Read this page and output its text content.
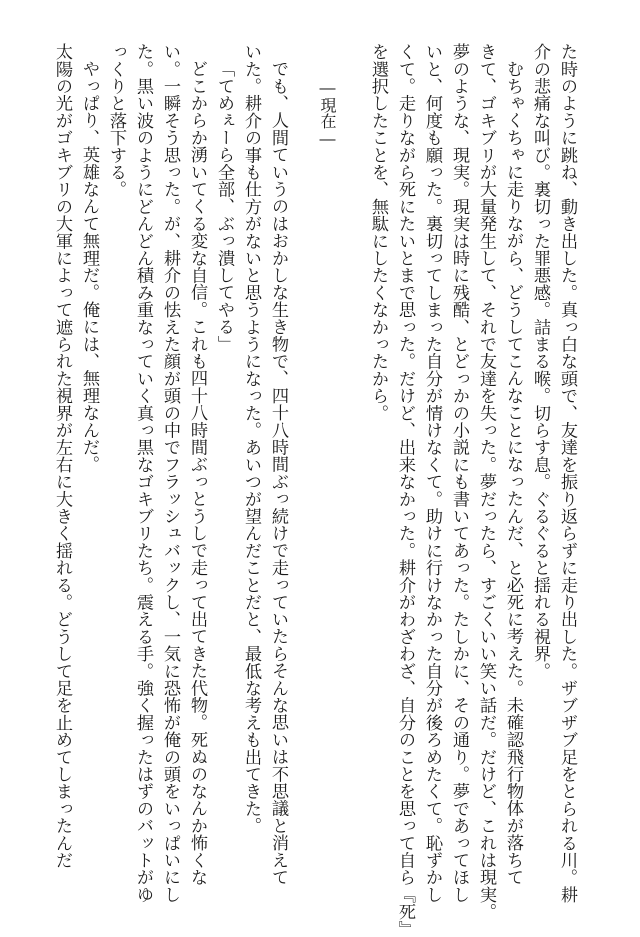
た時のように跳ね、動き出した。真っ白な頭で、友達を振り返らずに走り出した。ザブザブ足をとられる川。耕
介の悲痛な叫び。裏切った罪悪感。詰まる喉。切らす息。ぐるぐると揺れる視界。
むちゃくちゃに走りながら、どうしてこんなことになったんだ、と必死に考えた。未確認飛行物体が落ちて
きて、ゴキブリが大量発生して、それで友達を失った。夢だったら、すごくいい笑い話だ。だけど、これは現実。
夢のような、現実。現実は時に残酷、とどっかの小説にも書いてあった。たしかに、その通り。夢であってほし
いと、何度も願った。裏切ってしまった自分が情けなくて。助けに行けなかった自分が後ろめたくて。恥ずかし
くて。走りながら死にたいとまで思った。だけど、出来なかった。耕介がわざわざ、自分のことを思って自ら『死』
を選択したことを、無駄にしたくなかったから。
―現在―
でも、人間ていうのはおかしな生き物で、四十八時間ぶっ続けで走っていたらそんな思いは不思議と消えて
いた。耕介の事も仕方がないと思うようになった。あいつが望んだことだと、最低な考えも出てきた。
「てめぇーら全部、ぶっ潰してやる」
どこからか湧いてくる変な自信。これも四十八時間ぶっとうしで走って出てきた代物。死ぬのなんか怖くな
い。一瞬そう思った。が、耕介の怯えた顔が頭の中でフラッシュバックし、一気に恐怖が俺の頭をいっぱいにし
た。黒い波のようにどんどん積み重なっていく真っ黒なゴキブリたち。震える手。強く握ったはずのバットがゆ
っくりと落下する。
やっぱり、英雄なんて無理だ。俺には、無理なんだ。
太陽の光がゴキブリの大軍によって遮られた視界が左右に大きく揺れる。どうして足を止めてしまったんだ
